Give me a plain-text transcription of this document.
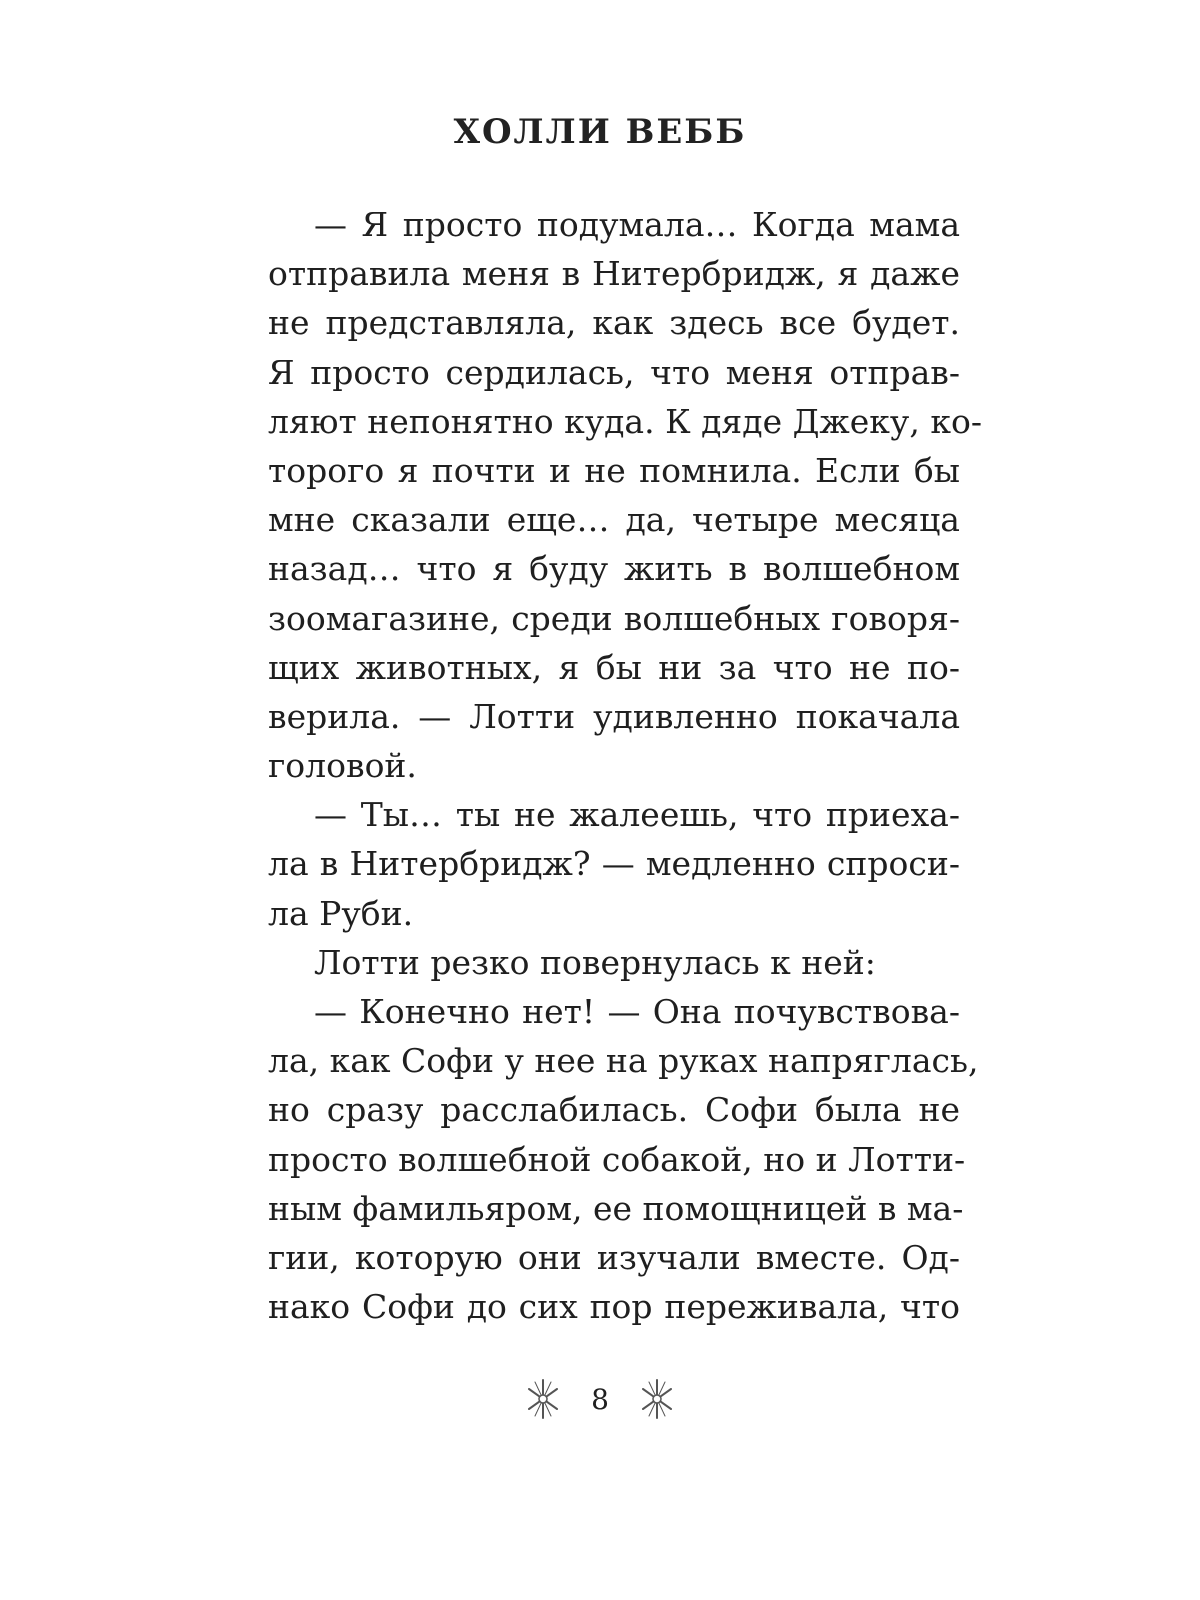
ХОЛЛИ ВЕББ
— Я просто подумала… Когда мама
отправила меня в Нитербридж, я даже
не представляла, как здесь все будет.
Я просто сердилась, что меня отправ-
ляют непонятно куда. К дяде Джеку, ко-
торого я почти и не помнила. Если бы
мне сказали еще… да, четыре месяца
назад… что я буду жить в волшебном
зоомагазине, среди волшебных говоря-
щих животных, я бы ни за что не по-
верила. — Лотти удивленно покачала
головой.
— Ты… ты не жалеешь, что приеха-
ла в Нитербридж? — медленно спроси-
ла Руби.
Лотти резко повернулась к ней:
— Конечно нет! — Она почувствова-
ла, как Софи у нее на руках напряглась,
но сразу расслабилась. Софи была не
просто волшебной собакой, но и Лотти-
ным фамильяром, ее помощницей в ма-
гии, которую они изучали вместе. Од-
нако Софи до сих пор переживала, что
8
